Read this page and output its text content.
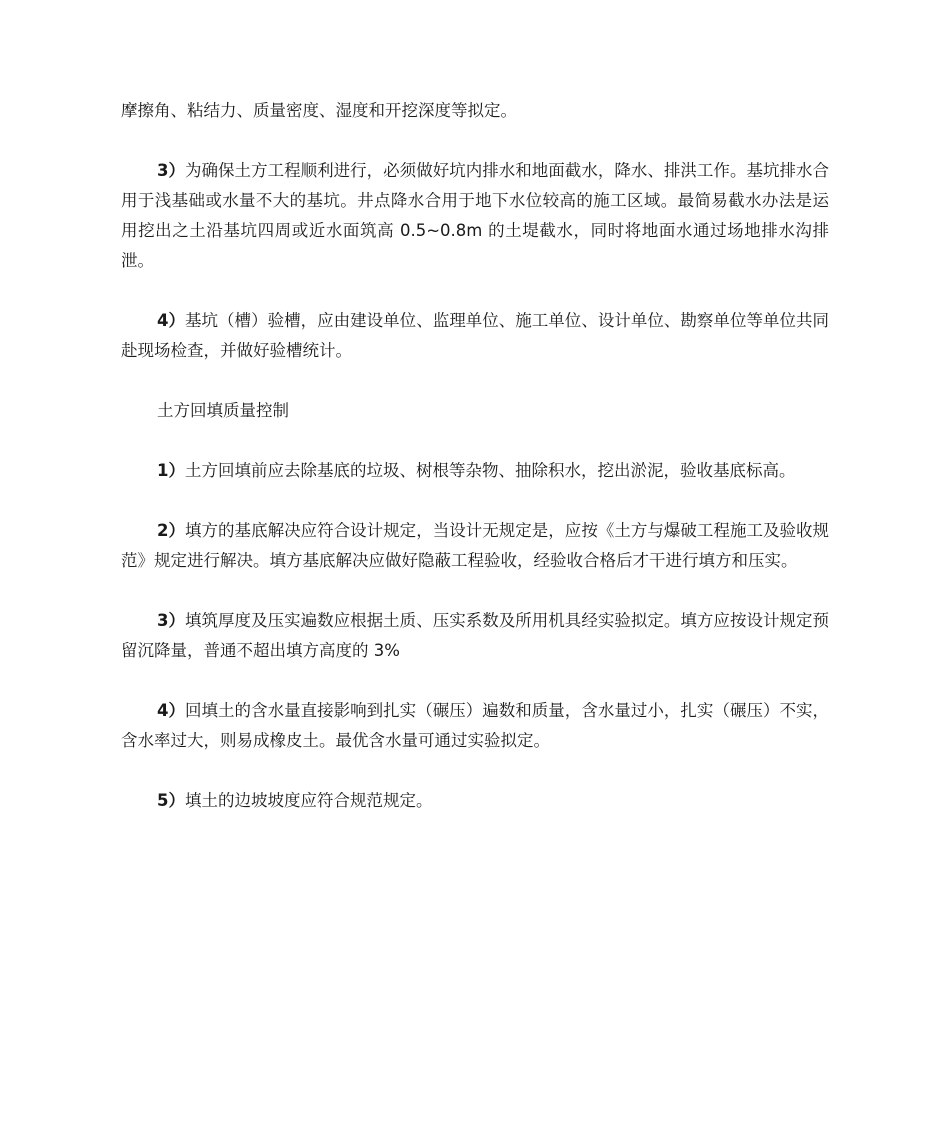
摩擦角、粘结力、质量密度、湿度和开挖深度等拟定。

3）为确保土方工程顺利进行，必须做好坑内排水和地面截水，降水、排洪工作。基坑排水合用于浅基础或水量不大的基坑。井点降水合用于地下水位较高的施工区域。最简易截水办法是运用挖出之土沿基坑四周或近水面筑高 0.5~0.8m 的土堤截水，同时将地面水通过场地排水沟排泄。

4）基坑（槽）验槽，应由建设单位、监理单位、施工单位、设计单位、勘察单位等单位共同赴现场检查，并做好验槽统计。

土方回填质量控制

1）土方回填前应去除基底的垃圾、树根等杂物、抽除积水，挖出淤泥，验收基底标高。

2）填方的基底解决应符合设计规定，当设计无规定是，应按《土方与爆破工程施工及验收规范》规定进行解决。填方基底解决应做好隐蔽工程验收，经验收合格后才干进行填方和压实。

3）填筑厚度及压实遍数应根据土质、压实系数及所用机具经实验拟定。填方应按设计规定预留沉降量，普通不超出填方高度的 3%

4）回填土的含水量直接影响到扎实（碾压）遍数和质量，含水量过小，扎实（碾压）不实，含水率过大，则易成橡皮土。最优含水量可通过实验拟定。

5）填土的边坡坡度应符合规范规定。
